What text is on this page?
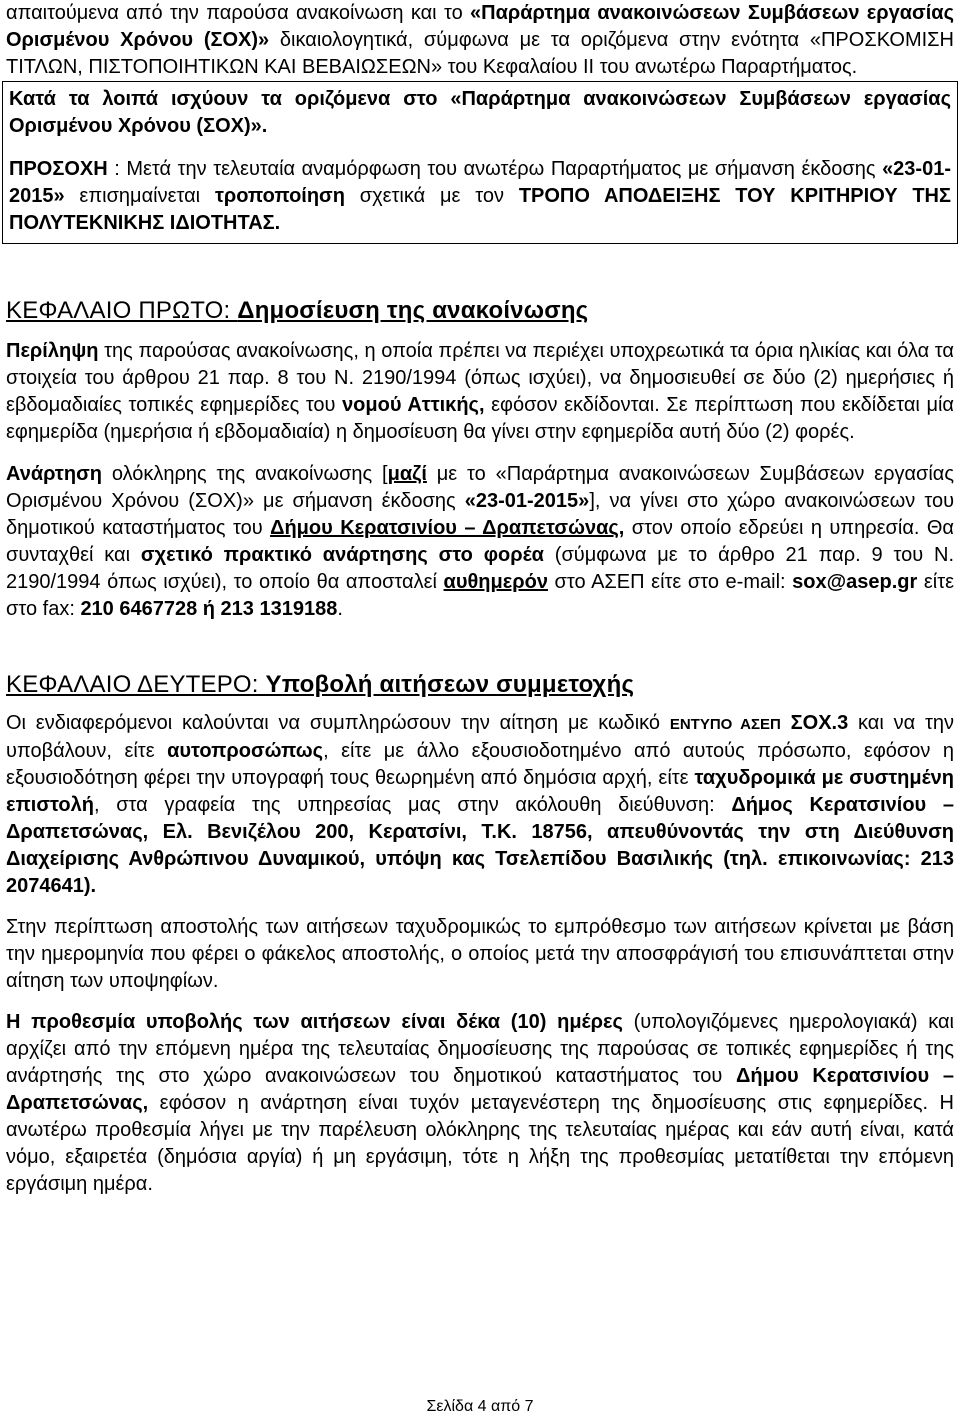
απαιτούμενα από την παρούσα ανακοίνωση και το «Παράρτημα ανακοινώσεων Συμβάσεων εργασίας Ορισμένου Χρόνου (ΣΟΧ)» δικαιολογητικά, σύμφωνα με τα οριζόμενα στην ενότητα «ΠΡΟΣΚΟΜΙΣΗ ΤΙΤΛΩΝ, ΠΙΣΤΟΠΟΙΗΤΙΚΩΝ ΚΑΙ ΒΕΒΑΙΩΣΕΩΝ» του Κεφαλαίου ΙΙ του ανωτέρω Παραρτήματος.

Κατά τα λοιπά ισχύουν τα οριζόμενα στο «Παράρτημα ανακοινώσεων Συμβάσεων εργασίας Ορισμένου Χρόνου (ΣΟΧ)».

ΠΡΟΣΟΧΗ : Μετά την τελευταία αναμόρφωση του ανωτέρω Παραρτήματος με σήμανση έκδοσης «23-01-2015» επισημαίνεται τροποποίηση σχετικά με τον ΤΡΟΠΟ ΑΠΟΔΕΙΞΗΣ ΤΟΥ ΚΡΙΤΗΡΙΟΥ ΤΗΣ ΠΟΛΥΤΕΚΝΙΚΗΣ ΙΔΙΟΤΗΤΑΣ.

ΚΕΦΑΛΑΙΟ ΠΡΩΤΟ: Δημοσίευση της ανακοίνωσης

Περίληψη της παρούσας ανακοίνωσης, η οποία πρέπει να περιέχει υποχρεωτικά τα όρια ηλικίας και όλα τα στοιχεία του άρθρου 21 παρ. 8 του Ν. 2190/1994 (όπως ισχύει), να δημοσιευθεί σε δύο (2) ημερήσιες ή εβδομαδιαίες τοπικές εφημερίδες του νομού Αττικής, εφόσον εκδίδονται. Σε περίπτωση που εκδίδεται μία εφημερίδα (ημερήσια ή εβδομαδιαία) η δημοσίευση θα γίνει στην εφημερίδα αυτή δύο (2) φορές.

Ανάρτηση ολόκληρης της ανακοίνωσης [μαζί με το «Παράρτημα ανακοινώσεων Συμβάσεων εργασίας Ορισμένου Χρόνου (ΣΟΧ)» με σήμανση έκδοσης «23-01-2015»], να γίνει στο χώρο ανακοινώσεων του δημοτικού καταστήματος του Δήμου Κερατσινίου – Δραπετσώνας, στον οποίο εδρεύει η υπηρεσία. Θα συνταχθεί και σχετικό πρακτικό ανάρτησης στο φορέα (σύμφωνα με το άρθρο 21 παρ. 9 του Ν. 2190/1994 όπως ισχύει), το οποίο θα αποσταλεί αυθημερόν στο ΑΣΕΠ είτε στο e-mail: sox@asep.gr είτε στο fax: 210 6467728 ή 213 1319188.

ΚΕΦΑΛΑΙΟ ΔΕΥΤΕΡΟ: Υποβολή αιτήσεων συμμετοχής

Οι ενδιαφερόμενοι καλούνται να συμπληρώσουν την αίτηση με κωδικό ΕΝΤΥΠΟ ΑΣΕΠ ΣΟΧ.3 και να την υποβάλουν, είτε αυτοπροσώπως, είτε με άλλο εξουσιοδοτημένο από αυτούς πρόσωπο, εφόσον η εξουσιοδότηση φέρει την υπογραφή τους θεωρημένη από δημόσια αρχή, είτε ταχυδρομικά με συστημένη επιστολή, στα γραφεία της υπηρεσίας μας στην ακόλουθη διεύθυνση: Δήμος Κερατσινίου – Δραπετσώνας, Ελ. Βενιζέλου 200, Κερατσίνι, Τ.Κ. 18756, απευθύνοντάς την στη Διεύθυνση Διαχείρισης Ανθρώπινου Δυναμικού, υπόψη κας Τσελεπίδου Βασιλικής (τηλ. επικοινωνίας: 213 2074641).

Στην περίπτωση αποστολής των αιτήσεων ταχυδρομικώς το εμπρόθεσμο των αιτήσεων κρίνεται με βάση την ημερομηνία που φέρει ο φάκελος αποστολής, ο οποίος μετά την αποσφράγισή του επισυνάπτεται στην αίτηση των υποψηφίων.

Η προθεσμία υποβολής των αιτήσεων είναι δέκα (10) ημέρες (υπολογιζόμενες ημερολογιακά) και αρχίζει από την επόμενη ημέρα της τελευταίας δημοσίευσης της παρούσας σε τοπικές εφημερίδες ή της ανάρτησής της στο χώρο ανακοινώσεων του δημοτικού καταστήματος του Δήμου Κερατσινίου – Δραπετσώνας, εφόσον η ανάρτηση είναι τυχόν μεταγενέστερη της δημοσίευσης στις εφημερίδες. Η ανωτέρω προθεσμία λήγει με την παρέλευση ολόκληρης της τελευταίας ημέρας και εάν αυτή είναι, κατά νόμο, εξαιρετέα (δημόσια αργία) ή μη εργάσιμη, τότε η λήξη της προθεσμίας μετατίθεται την επόμενη εργάσιμη ημέρα.

Σελίδα 4 από 7
